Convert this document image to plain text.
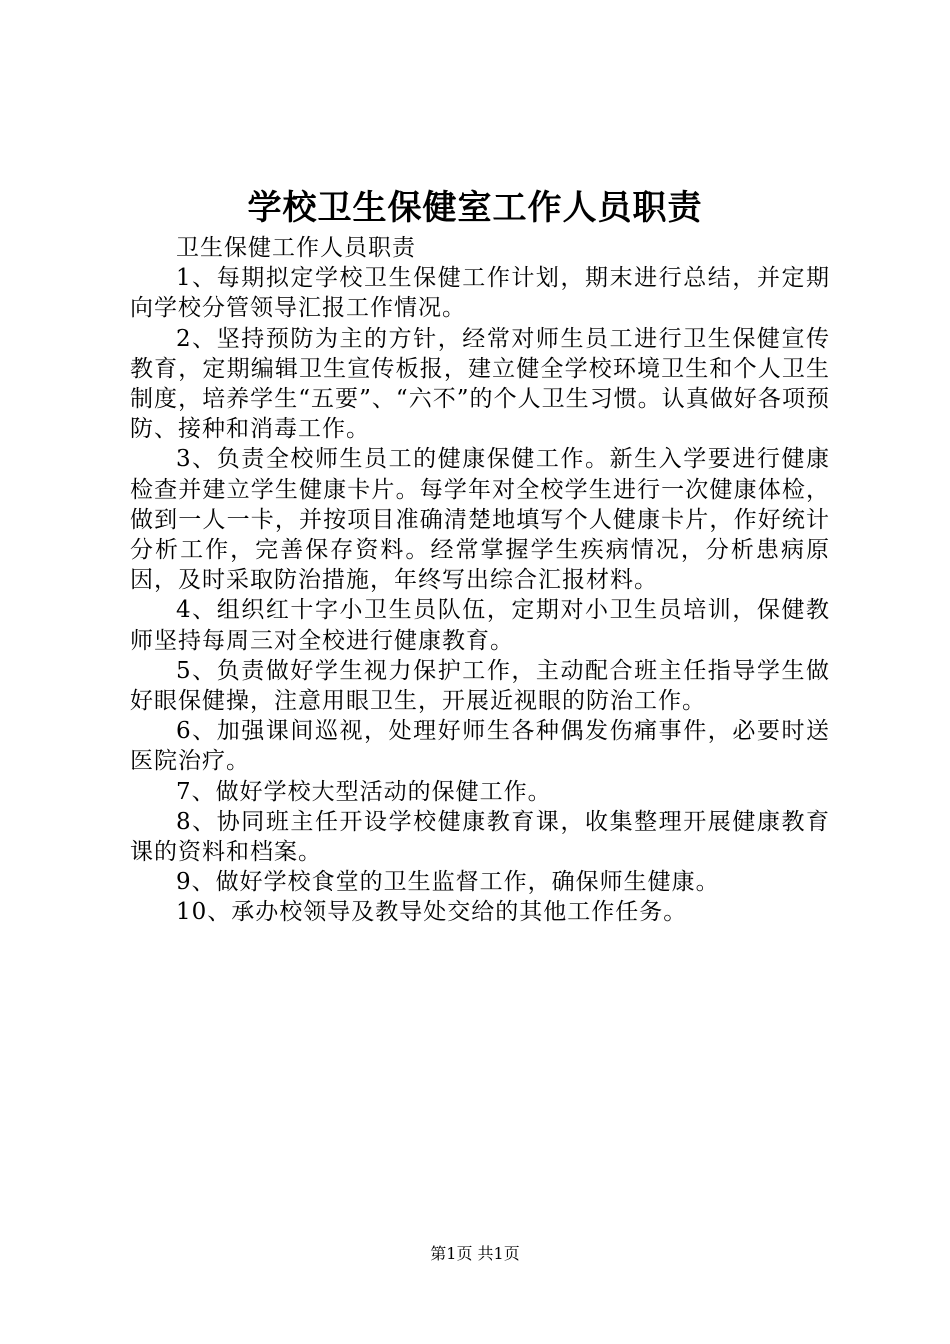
学校卫生保健室工作人员职责

卫生保健工作人员职责

1、每期拟定学校卫生保健工作计划，期末进行总结，并定期向学校分管领导汇报工作情况。

2、坚持预防为主的方针，经常对师生员工进行卫生保健宣传教育，定期编辑卫生宣传板报，建立健全学校环境卫生和个人卫生制度，培养学生“五要”、“六不”的个人卫生习惯。认真做好各项预防、接种和消毒工作。

3、负责全校师生员工的健康保健工作。新生入学要进行健康检查并建立学生健康卡片。每学年对全校学生进行一次健康体检，做到一人一卡，并按项目准确清楚地填写个人健康卡片，作好统计分析工作，完善保存资料。经常掌握学生疾病情况，分析患病原因，及时采取防治措施，年终写出综合汇报材料。

4、组织红十字小卫生员队伍，定期对小卫生员培训，保健教师坚持每周三对全校进行健康教育。

5、负责做好学生视力保护工作，主动配合班主任指导学生做好眼保健操，注意用眼卫生，开展近视眼的防治工作。

6、加强课间巡视，处理好师生各种偶发伤痛事件，必要时送医院治疗。

7、做好学校大型活动的保健工作。

8、协同班主任开设学校健康教育课，收集整理开展健康教育课的资料和档案。

9、做好学校食堂的卫生监督工作，确保师生健康。

10、承办校领导及教导处交给的其他工作任务。

第1页 共1页
